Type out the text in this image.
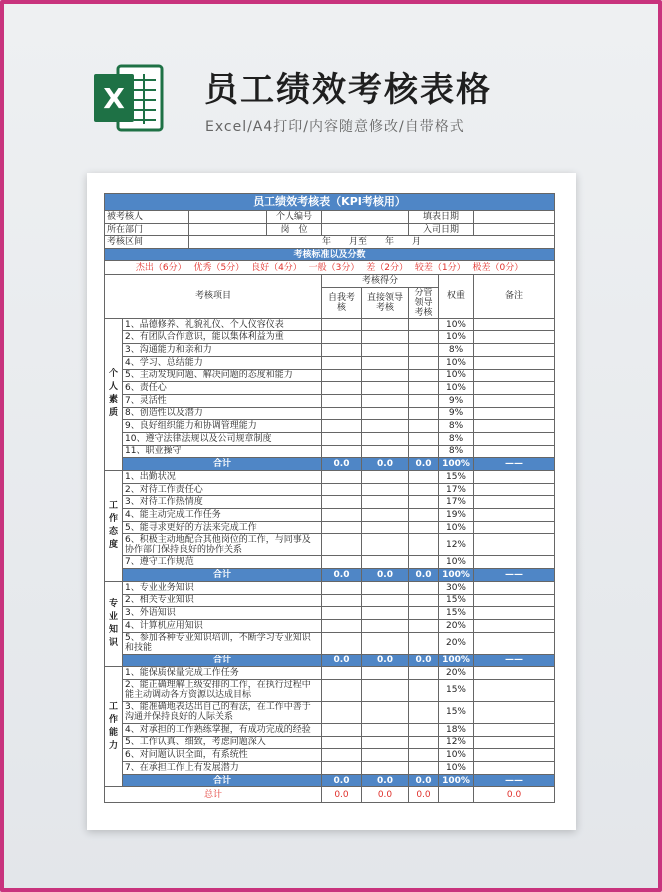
X 员工绩效考核表格
Excel/A4打印/内容随意修改/自带格式
员工绩效考核表（KPI考核用）								
被考核人			个人编号			填表日期		
所在部门			岗　位			入司日期		
考核区间		年　　月至　　年　　月						
考核标准以及分数								
杰出（6分） 优秀（5分） 良好（4分） 一般（3分） 差（2分） 较差（1分） 极差（0分）								
考核项目				考核得分			权重	备注
				自我考核	直接领导考核	分管领导考核		
个人素质	1、品德修养、礼貌礼仪、个人仪容仪表						10%	
	2、有团队合作意识，能以集体利益为重						10%	
	3、沟通能力和亲和力						8%	
	4、学习、总结能力						10%	
	5、主动发现问题、解决问题的态度和能力						10%	
	6、责任心						10%	
	7、灵活性						9%	
	8、创造性以及潜力						9%	
	9、良好组织能力和协调管理能力						8%	
	10、遵守法律法规以及公司规章制度						8%	
	11、职业操守						8%	
	合计			0.0	0.0	0.0	100%	——
工作态度	1、出勤状况						15%	
	2、对待工作责任心						17%	
	3、对待工作热情度						17%	
	4、能主动完成工作任务						19%	
	5、能寻求更好的方法来完成工作						10%	
	6、积极主动地配合其他岗位的工作，与同事及协作部门保持良好的协作关系						12%	
	7、遵守工作规范						10%	
	合计			0.0	0.0	0.0	100%	——
专业知识	1、专业业务知识						30%	
	2、相关专业知识						15%	
	3、外语知识						15%	
	4、计算机应用知识						20%	
	5、参加各种专业知识培训，不断学习专业知识和技能						20%	
	合计			0.0	0.0	0.0	100%	——
工作能力	1、能保质保量完成工作任务						20%	
	2、能正确理解上级安排的工作，在执行过程中能主动调动各方资源以达成目标						15%	
	3、能准确地表达出自己的看法，在工作中善于沟通并保持良好的人际关系						15%	
	4、对承担的工作熟练掌握，有成功完成的经验						18%	
	5、工作认真、细致，考虑问题深入						12%	
	6、对问题认识全面，有系统性						10%	
	7、在承担工作上有发展潜力						10%	
	合计			0.0	0.0	0.0	100%	——
总计				0.0	0.0	0.0		0.0
